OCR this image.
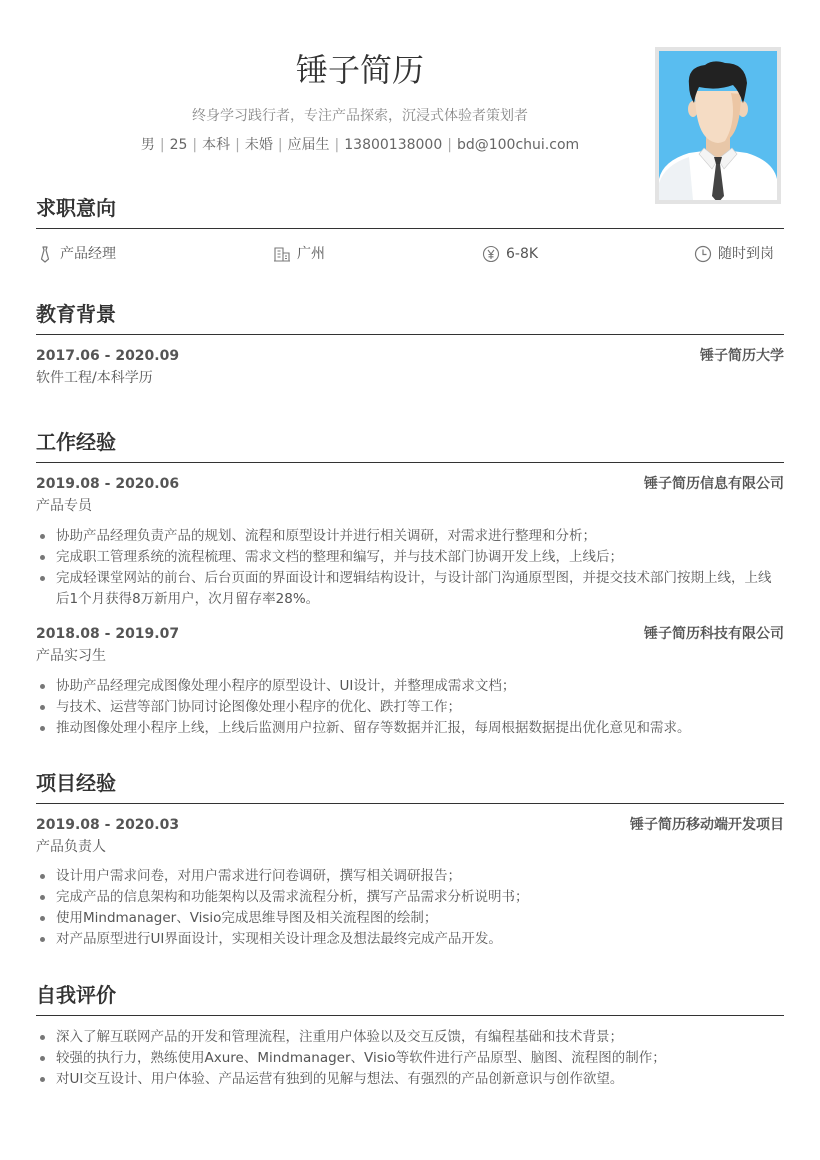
锤子简历
终身学习践行者，专注产品探索，沉浸式体验者策划者
男 | 25 | 本科 | 未婚 | 应届生 | 13800138000 | bd@100chui.com
求职意向
产品经理	广州	6-8K	随时到岗
教育背景
2017.06 - 2020.09	锤子简历大学
软件工程/本科学历
工作经验
2019.08 - 2020.06	锤子简历信息有限公司
产品专员
协助产品经理负责产品的规划、流程和原型设计并进行相关调研，对需求进行整理和分析；
完成职工管理系统的流程梳理、需求文档的整理和编写，并与技术部门协调开发上线，上线后；
完成轻课堂网站的前台、后台页面的界面设计和逻辑结构设计，与设计部门沟通原型图，并提交技术部门按期上线，上线后1个月获得8万新用户，次月留存率28%。
2018.08 - 2019.07	锤子简历科技有限公司
产品实习生
协助产品经理完成图像处理小程序的原型设计、UI设计，并整理成需求文档；
与技术、运营等部门协同讨论图像处理小程序的优化、跌打等工作；
推动图像处理小程序上线，上线后监测用户拉新、留存等数据并汇报，每周根据数据提出优化意见和需求。
项目经验
2019.08 - 2020.03	锤子简历移动端开发项目
产品负责人
设计用户需求问卷，对用户需求进行问卷调研，撰写相关调研报告；
完成产品的信息架构和功能架构以及需求流程分析，撰写产品需求分析说明书；
使用Mindmanager、Visio完成思维导图及相关流程图的绘制；
对产品原型进行UI界面设计，实现相关设计理念及想法最终完成产品开发。
自我评价
深入了解互联网产品的开发和管理流程，注重用户体验以及交互反馈，有编程基础和技术背景；
较强的执行力，熟练使用Axure、Mindmanager、Visio等软件进行产品原型、脑图、流程图的制作；
对UI交互设计、用户体验、产品运营有独到的见解与想法、有强烈的产品创新意识与创作欲望。
